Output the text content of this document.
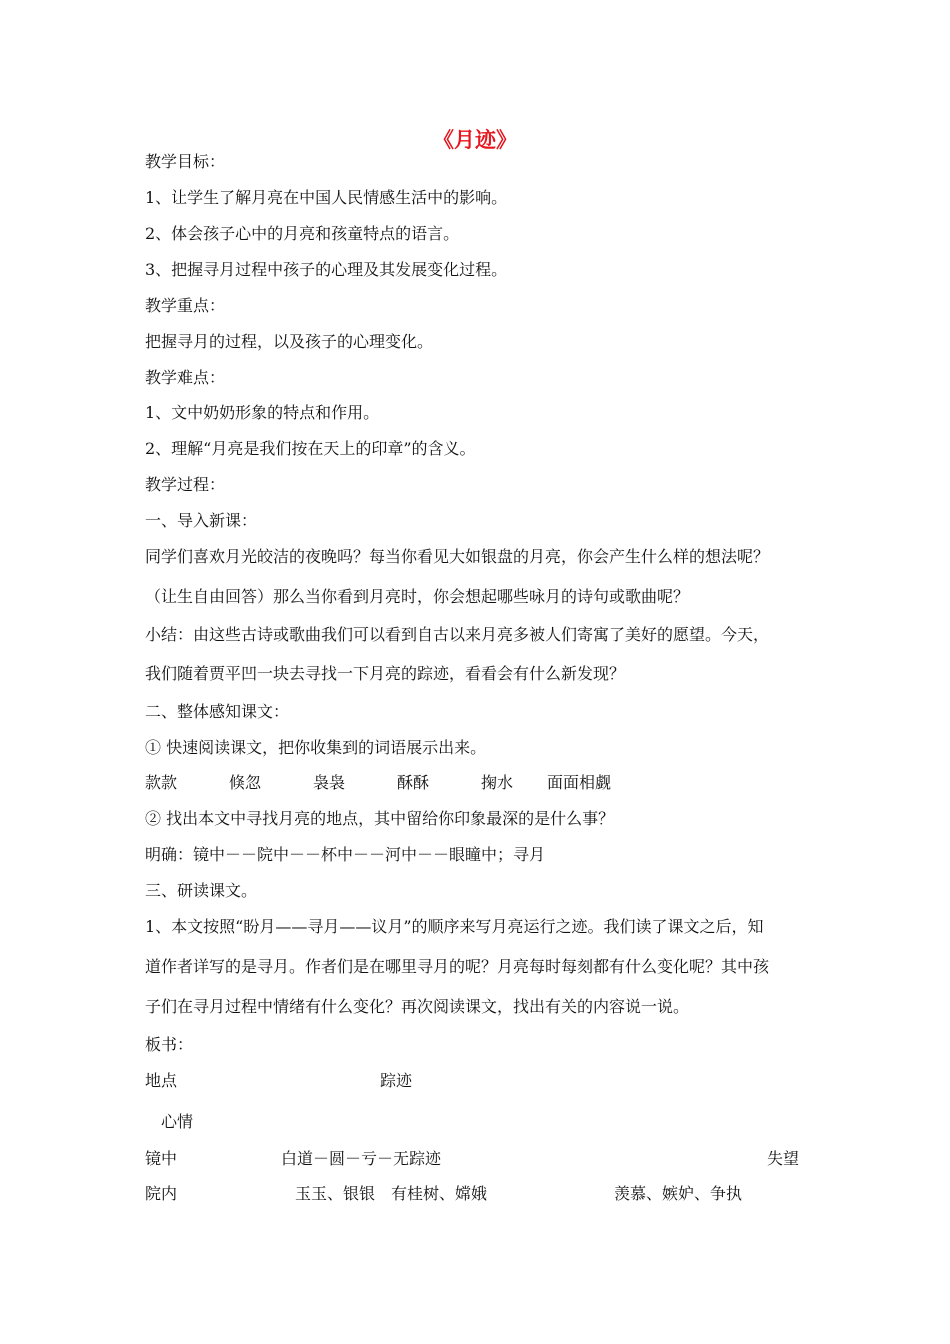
《月迹》
教学目标：
1、让学生了解月亮在中国人民情感生活中的影响。
2、体会孩子心中的月亮和孩童特点的语言。
3、把握寻月过程中孩子的心理及其发展变化过程。
教学重点：
把握寻月的过程，以及孩子的心理变化。
教学难点：
1、文中奶奶形象的特点和作用。
2、理解“月亮是我们按在天上的印章”的含义。
教学过程：
一、导入新课：
同学们喜欢月光皎洁的夜晚吗？每当你看见大如银盘的月亮，你会产生什么样的想法呢？
（让生自由回答）那么当你看到月亮时，你会想起哪些咏月的诗句或歌曲呢？
小结：由这些古诗或歌曲我们可以看到自古以来月亮多被人们寄寓了美好的愿望。今天，
我们随着贾平凹一块去寻找一下月亮的踪迹，看看会有什么新发现？
二、整体感知课文：
① 快速阅读课文，把你收集到的词语展示出来。
款款	倏忽	袅袅	酥酥	掬水 面面相觑
② 找出本文中寻找月亮的地点，其中留给你印象最深的是什么事？
明确：镜中－－院中－－杯中－－河中－－眼瞳中；寻月
三、研读课文。
1、本文按照“盼月——寻月——议月”的顺序来写月亮运行之迹。我们读了课文之后，知
道作者详写的是寻月。作者们是在哪里寻月的呢？月亮每时每刻都有什么变化呢？其中孩
子们在寻月过程中情绪有什么变化？再次阅读课文，找出有关的内容说一说。
板书：
地点	踪迹
心情
镜中	白道－圆－亏－无踪迹	失望
院内	玉玉、银银　有桂树、嫦娥	羡慕、嫉妒、争执
